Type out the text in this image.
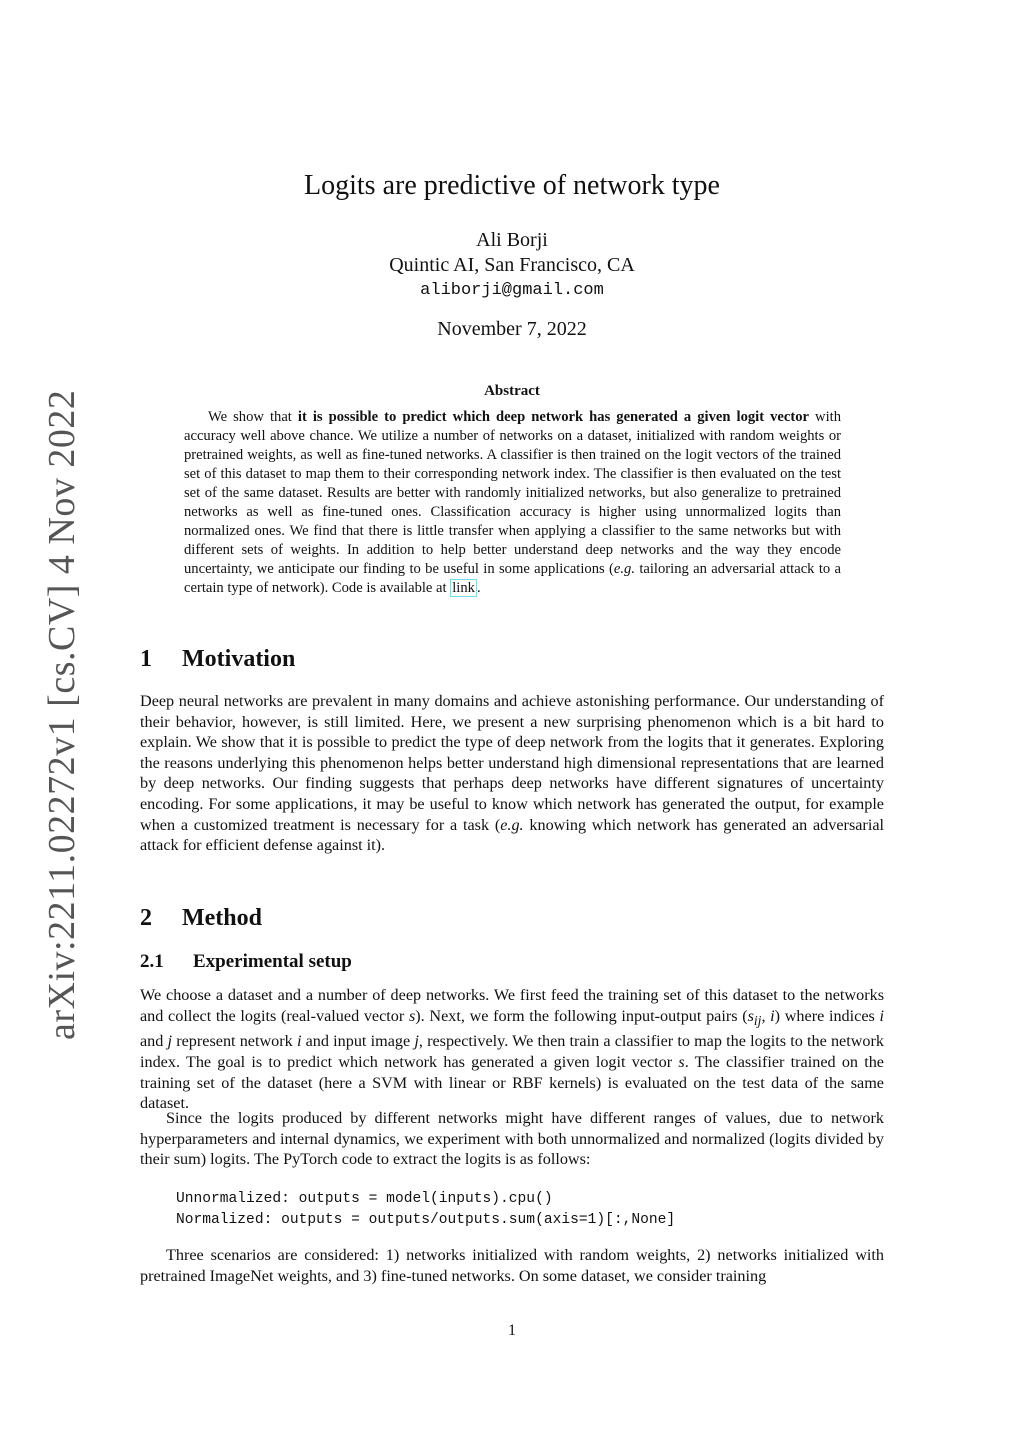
arXiv:2211.02272v1 [cs.CV] 4 Nov 2022
Logits are predictive of network type
Ali Borji
Quintic AI, San Francisco, CA
aliborji@gmail.com
November 7, 2022
Abstract
We show that it is possible to predict which deep network has generated a given logit vector with accuracy well above chance. We utilize a number of networks on a dataset, initialized with random weights or pretrained weights, as well as fine-tuned networks. A classifier is then trained on the logit vectors of the trained set of this dataset to map them to their corresponding network index. The classifier is then evaluated on the test set of the same dataset. Results are better with randomly initialized networks, but also generalize to pretrained networks as well as fine-tuned ones. Classification accuracy is higher using unnormalized logits than normalized ones. We find that there is little transfer when applying a classifier to the same networks but with different sets of weights. In addition to help better understand deep networks and the way they encode uncertainty, we anticipate our finding to be useful in some applications (e.g. tailoring an adversarial attack to a certain type of network). Code is available at link .
1 Motivation
Deep neural networks are prevalent in many domains and achieve astonishing performance. Our understanding of their behavior, however, is still limited. Here, we present a new surprising phenomenon which is a bit hard to explain. We show that it is possible to predict the type of deep network from the logits that it generates. Exploring the reasons underlying this phenomenon helps better understand high dimensional representations that are learned by deep networks. Our finding suggests that perhaps deep networks have different signatures of uncertainty encoding. For some applications, it may be useful to know which network has generated the output, for example when a customized treatment is necessary for a task (e.g. knowing which network has generated an adversarial attack for efficient defense against it).
2 Method
2.1 Experimental setup
We choose a dataset and a number of deep networks. We first feed the training set of this dataset to the networks and collect the logits (real-valued vector s). Next, we form the following input-output pairs ($s_{ij}$, i) where indices i and j represent network i and input image j, respectively. We then train a classifier to map the logits to the network index. The goal is to predict which network has generated a given logit vector s. The classifier trained on the training set of the dataset (here a SVM with linear or RBF kernels) is evaluated on the test data of the same dataset.
Since the logits produced by different networks might have different ranges of values, due to network hyperparameters and internal dynamics, we experiment with both unnormalized and normalized (logits divided by their sum) logits. The PyTorch code to extract the logits is as follows:
Unnormalized: outputs = model(inputs).cpu()
Normalized: outputs = outputs/outputs.sum(axis=1)[:,None]
Three scenarios are considered: 1) networks initialized with random weights, 2) networks initialized with pretrained ImageNet weights, and 3) fine-tuned networks. On some dataset, we consider training
1
